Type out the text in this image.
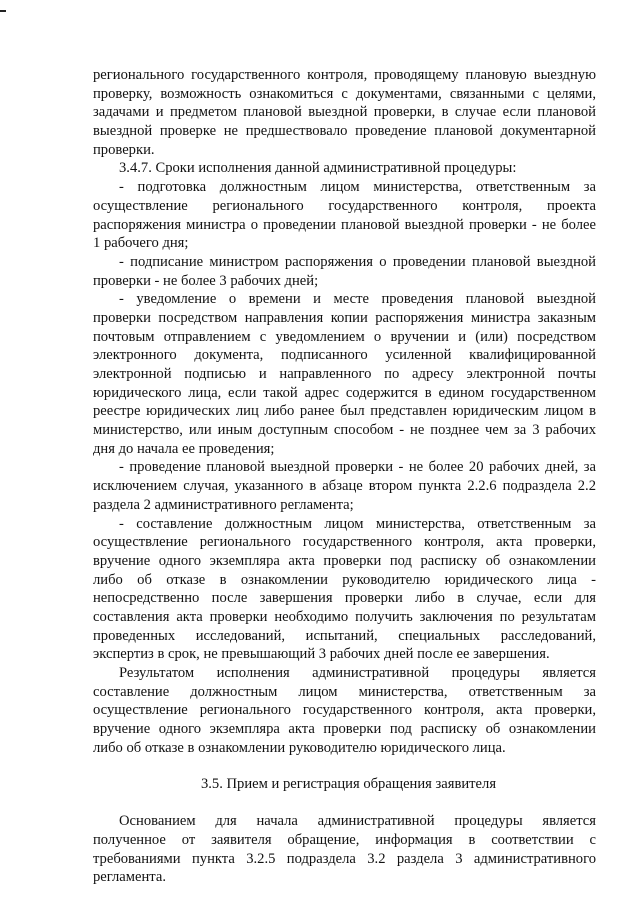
регионального государственного контроля, проводящему плановую выездную
проверку, возможность ознакомиться с документами, связанными с целями,
задачами и предметом плановой выездной проверки, в случае если плановой
выездной проверке не предшествовало проведение плановой документарной
проверки.
3.4.7. Сроки исполнения данной административной процедуры:
- подготовка должностным лицом министерства, ответственным за
осуществление регионального государственного контроля, проекта
распоряжения министра о проведении плановой выездной проверки - не более
1 рабочего дня;
- подписание министром распоряжения о проведении плановой выездной
проверки - не более 3 рабочих дней;
- уведомление о времени и месте проведения плановой выездной
проверки посредством направления копии распоряжения министра заказным
почтовым отправлением с уведомлением о вручении и (или) посредством
электронного документа, подписанного усиленной квалифицированной
электронной подписью и направленного по адресу электронной почты
юридического лица, если такой адрес содержится в едином государственном
реестре юридических лиц либо ранее был представлен юридическим лицом в
министерство, или иным доступным способом - не позднее чем за 3 рабочих
дня до начала ее проведения;
- проведение плановой выездной проверки - не более 20 рабочих дней, за
исключением случая, указанного в абзаце втором пункта 2.2.6 подраздела 2.2
раздела 2 административного регламента;
- составление должностным лицом министерства, ответственным за
осуществление регионального государственного контроля, акта проверки,
вручение одного экземпляра акта проверки под расписку об ознакомлении
либо об отказе в ознакомлении руководителю юридического лица -
непосредственно после завершения проверки либо в случае, если для
составления акта проверки необходимо получить заключения по результатам
проведенных исследований, испытаний, специальных расследований,
экспертиз в срок, не превышающий 3 рабочих дней после ее завершения.
Результатом исполнения административной процедуры является
составление должностным лицом министерства, ответственным за
осуществление регионального государственного контроля, акта проверки,
вручение одного экземпляра акта проверки под расписку об ознакомлении
либо об отказе в ознакомлении руководителю юридического лица.
3.5. Прием и регистрация обращения заявителя
Основанием для начала административной процедуры является
полученное от заявителя обращение, информация в соответствии с
требованиями пункта 3.2.5 подраздела 3.2 раздела 3 административного
регламента.
